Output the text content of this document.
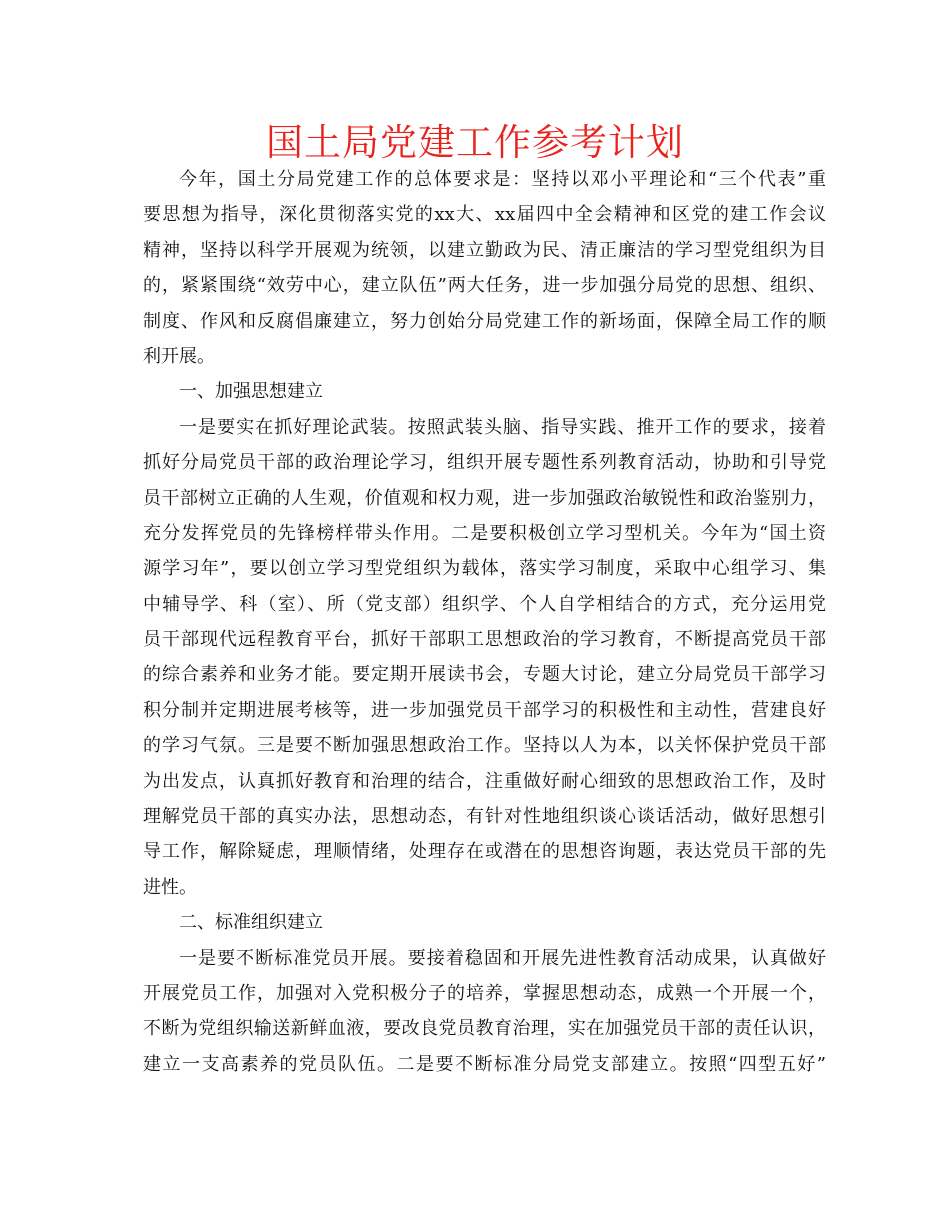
国土局党建工作参考计划
今年，国土分局党建工作的总体要求是：坚持以邓小平理论和“三个代表”重
要思想为指导，深化贯彻落实党的xx大、xx届四中全会精神和区党的建工作会议
精神，坚持以科学开展观为统领，以建立勤政为民、清正廉洁的学习型党组织为目
的，紧紧围绕“效劳中心，建立队伍”两大任务，进一步加强分局党的思想、组织、
制度、作风和反腐倡廉建立，努力创始分局党建工作的新场面，保障全局工作的顺
利开展。
一、加强思想建立
一是要实在抓好理论武装。按照武装头脑、指导实践、推开工作的要求，接着
抓好分局党员干部的政治理论学习，组织开展专题性系列教育活动，协助和引导党
员干部树立正确的人生观，价值观和权力观，进一步加强政治敏锐性和政治鉴别力，
充分发挥党员的先锋榜样带头作用。二是要积极创立学习型机关。今年为“国土资
源学习年”，要以创立学习型党组织为载体，落实学习制度，采取中心组学习、集
中辅导学、科（室）、所（党支部）组织学、个人自学相结合的方式，充分运用党
员干部现代远程教育平台，抓好干部职工思想政治的学习教育，不断提高党员干部
的综合素养和业务才能。要定期开展读书会，专题大讨论，建立分局党员干部学习
积分制并定期进展考核等，进一步加强党员干部学习的积极性和主动性，营建良好
的学习气氛。三是要不断加强思想政治工作。坚持以人为本，以关怀保护党员干部
为出发点，认真抓好教育和治理的结合，注重做好耐心细致的思想政治工作，及时
理解党员干部的真实办法，思想动态，有针对性地组织谈心谈话活动，做好思想引
导工作，解除疑虑，理顺情绪，处理存在或潜在的思想咨询题，表达党员干部的先
进性。
二、标准组织建立
一是要不断标准党员开展。要接着稳固和开展先进性教育活动成果，认真做好
开展党员工作，加强对入党积极分子的培养，掌握思想动态，成熟一个开展一个，
不断为党组织输送新鲜血液，要改良党员教育治理，实在加强党员干部的责任认识，
建立一支高素养的党员队伍。二是要不断标准分局党支部建立。按照“四型五好”
